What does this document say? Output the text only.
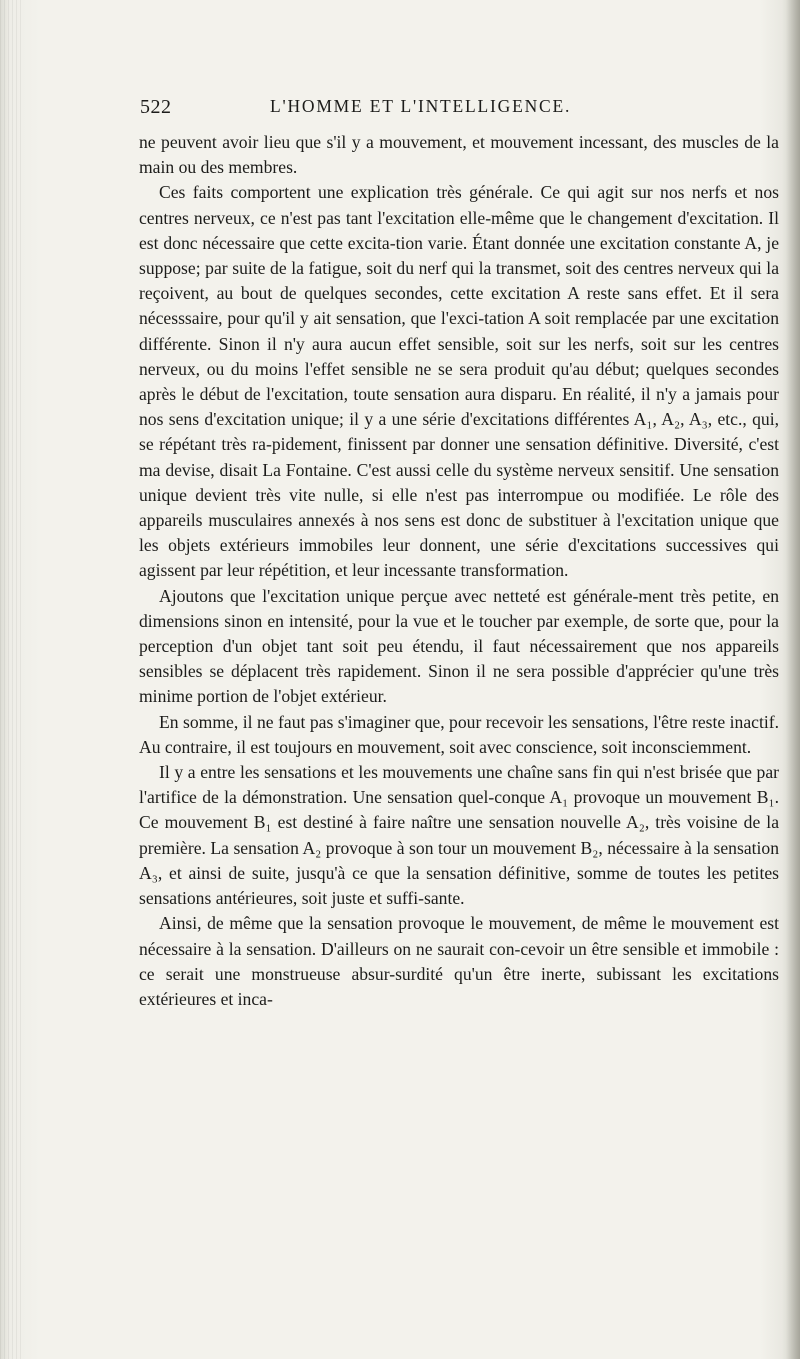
522	L'HOMME ET L'INTELLIGENCE.

ne peuvent avoir lieu que s'il y a mouvement, et mouvement incessant, des muscles de la main ou des membres.

Ces faits comportent une explication très générale. Ce qui agit sur nos nerfs et nos centres nerveux, ce n'est pas tant l'excitation elle-même que le changement d'excitation. Il est donc nécessaire que cette excita-tion varie. Étant donnée une excitation constante A, je suppose; par suite de la fatigue, soit du nerf qui la transmet, soit des centres nerveux qui la reçoivent, au bout de quelques secondes, cette excitation A reste sans effet. Et il sera nécesssaire, pour qu'il y ait sensation, que l'exci-tation A soit remplacée par une excitation différente. Sinon il n'y aura aucun effet sensible, soit sur les nerfs, soit sur les centres nerveux, ou du moins l'effet sensible ne se sera produit qu'au début; quelques secondes après le début de l'excitation, toute sensation aura disparu. En réalité, il n'y a jamais pour nos sens d'excitation unique; il y a une série d'excitations différentes A₁, A₂, A₃, etc., qui, se répétant très ra-pidement, finissent par donner une sensation définitive. Diversité, c'est ma devise, disait La Fontaine. C'est aussi celle du système nerveux sensitif. Une sensation unique devient très vite nulle, si elle n'est pas interrompue ou modifiée. Le rôle des appareils musculaires annexés à nos sens est donc de substituer à l'excitation unique que les objets extérieurs immobiles leur donnent, une série d'excitations successives qui agissent par leur répétition, et leur incessante transformation.

Ajoutons que l'excitation unique perçue avec netteté est générale-ment très petite, en dimensions sinon en intensité, pour la vue et le toucher par exemple, de sorte que, pour la perception d'un objet tant soit peu étendu, il faut nécessairement que nos appareils sensibles se déplacent très rapidement. Sinon il ne sera possible d'apprécier qu'une très minime portion de l'objet extérieur.

En somme, il ne faut pas s'imaginer que, pour recevoir les sensations, l'être reste inactif. Au contraire, il est toujours en mouvement, soit avec conscience, soit inconsciemment.

Il y a entre les sensations et les mouvements une chaîne sans fin qui n'est brisée que par l'artifice de la démonstration. Une sensation quel-conque A₁ provoque un mouvement B₁. Ce mouvement B₁ est destiné à faire naître une sensation nouvelle A₂, très voisine de la première. La sensation A₂ provoque à son tour un mouvement B₂, nécessaire à la sensation A₃, et ainsi de suite, jusqu'à ce que la sensation définitive, somme de toutes les petites sensations antérieures, soit juste et suffi-sante.

Ainsi, de même que la sensation provoque le mouvement, de même le mouvement est nécessaire à la sensation. D'ailleurs on ne saurait con-cevoir un être sensible et immobile : ce serait une monstrueuse absur-surdité qu'un être inerte, subissant les excitations extérieures et inca-
